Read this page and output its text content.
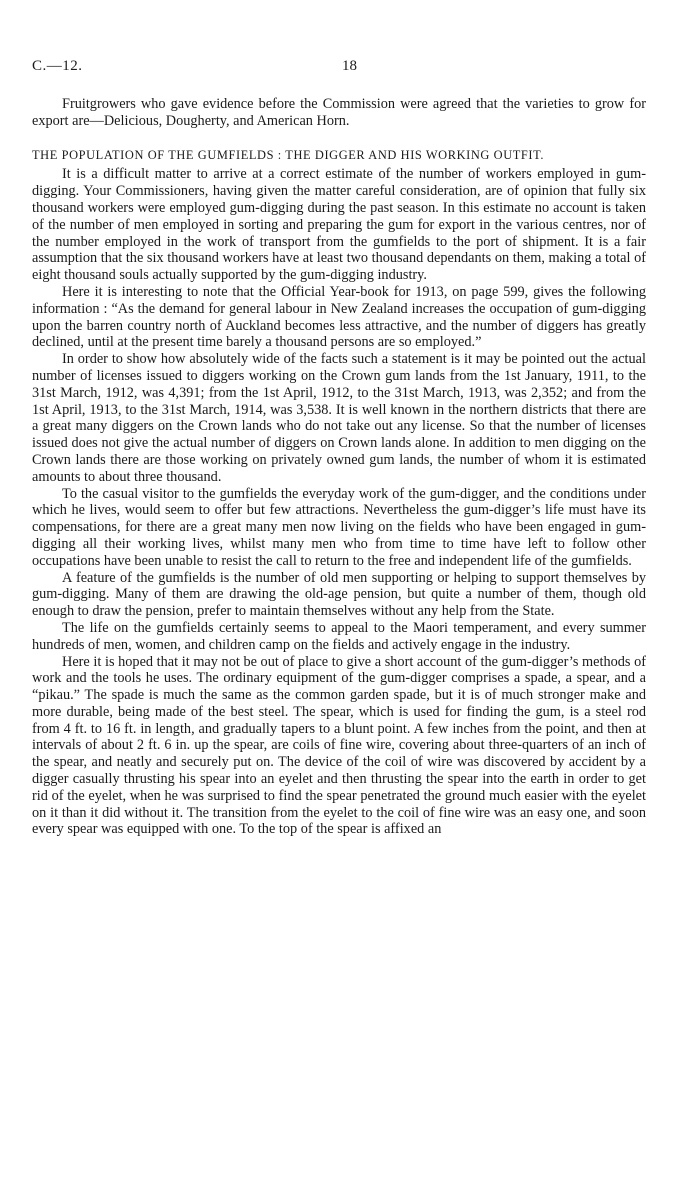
C.—12.	18

Fruitgrowers who gave evidence before the Commission were agreed that the varieties to grow for export are—Delicious, Dougherty, and American Horn.

THE POPULATION OF THE GUMFIELDS : THE DIGGER AND HIS WORKING OUTFIT.

It is a difficult matter to arrive at a correct estimate of the number of workers employed in gum-digging. Your Commissioners, having given the matter careful consideration, are of opinion that fully six thousand workers were employed gum-digging during the past season. In this estimate no account is taken of the number of men employed in sorting and preparing the gum for export in the various centres, nor of the number employed in the work of transport from the gumfields to the port of shipment. It is a fair assumption that the six thousand workers have at least two thousand dependants on them, making a total of eight thousand souls actually supported by the gum-digging industry.

Here it is interesting to note that the Official Year-book for 1913, on page 599, gives the following information : “As the demand for general labour in New Zealand increases the occupation of gum-digging upon the barren country north of Auckland becomes less attractive, and the number of diggers has greatly declined, until at the present time barely a thousand persons are so employed.”

In order to show how absolutely wide of the facts such a statement is it may be pointed out the actual number of licenses issued to diggers working on the Crown gum lands from the 1st January, 1911, to the 31st March, 1912, was 4,391; from the 1st April, 1912, to the 31st March, 1913, was 2,352; and from the 1st April, 1913, to the 31st March, 1914, was 3,538. It is well known in the northern districts that there are a great many diggers on the Crown lands who do not take out any license. So that the number of licenses issued does not give the actual number of diggers on Crown lands alone. In addition to men digging on the Crown lands there are those working on privately owned gum lands, the number of whom it is estimated amounts to about three thousand.

To the casual visitor to the gumfields the everyday work of the gum-digger, and the conditions under which he lives, would seem to offer but few attractions. Nevertheless the gum-digger’s life must have its compensations, for there are a great many men now living on the fields who have been engaged in gum-digging all their working lives, whilst many men who from time to time have left to follow other occupations have been unable to resist the call to return to the free and independent life of the gumfields.

A feature of the gumfields is the number of old men supporting or helping to support themselves by gum-digging. Many of them are drawing the old-age pension, but quite a number of them, though old enough to draw the pension, prefer to maintain themselves without any help from the State.

The life on the gumfields certainly seems to appeal to the Maori temperament, and every summer hundreds of men, women, and children camp on the fields and actively engage in the industry.

Here it is hoped that it may not be out of place to give a short account of the gum-digger’s methods of work and the tools he uses. The ordinary equipment of the gum-digger comprises a spade, a spear, and a “pikau.” The spade is much the same as the common garden spade, but it is of much stronger make and more durable, being made of the best steel. The spear, which is used for finding the gum, is a steel rod from 4 ft. to 16 ft. in length, and gradually tapers to a blunt point. A few inches from the point, and then at intervals of about 2 ft. 6 in. up the spear, are coils of fine wire, covering about three-quarters of an inch of the spear, and neatly and securely put on. The device of the coil of wire was discovered by accident by a digger casually thrusting his spear into an eyelet and then thrusting the spear into the earth in order to get rid of the eyelet, when he was surprised to find the spear penetrated the ground much easier with the eyelet on it than it did without it. The transition from the eyelet to the coil of fine wire was an easy one, and soon every spear was equipped with one. To the top of the spear is affixed an
